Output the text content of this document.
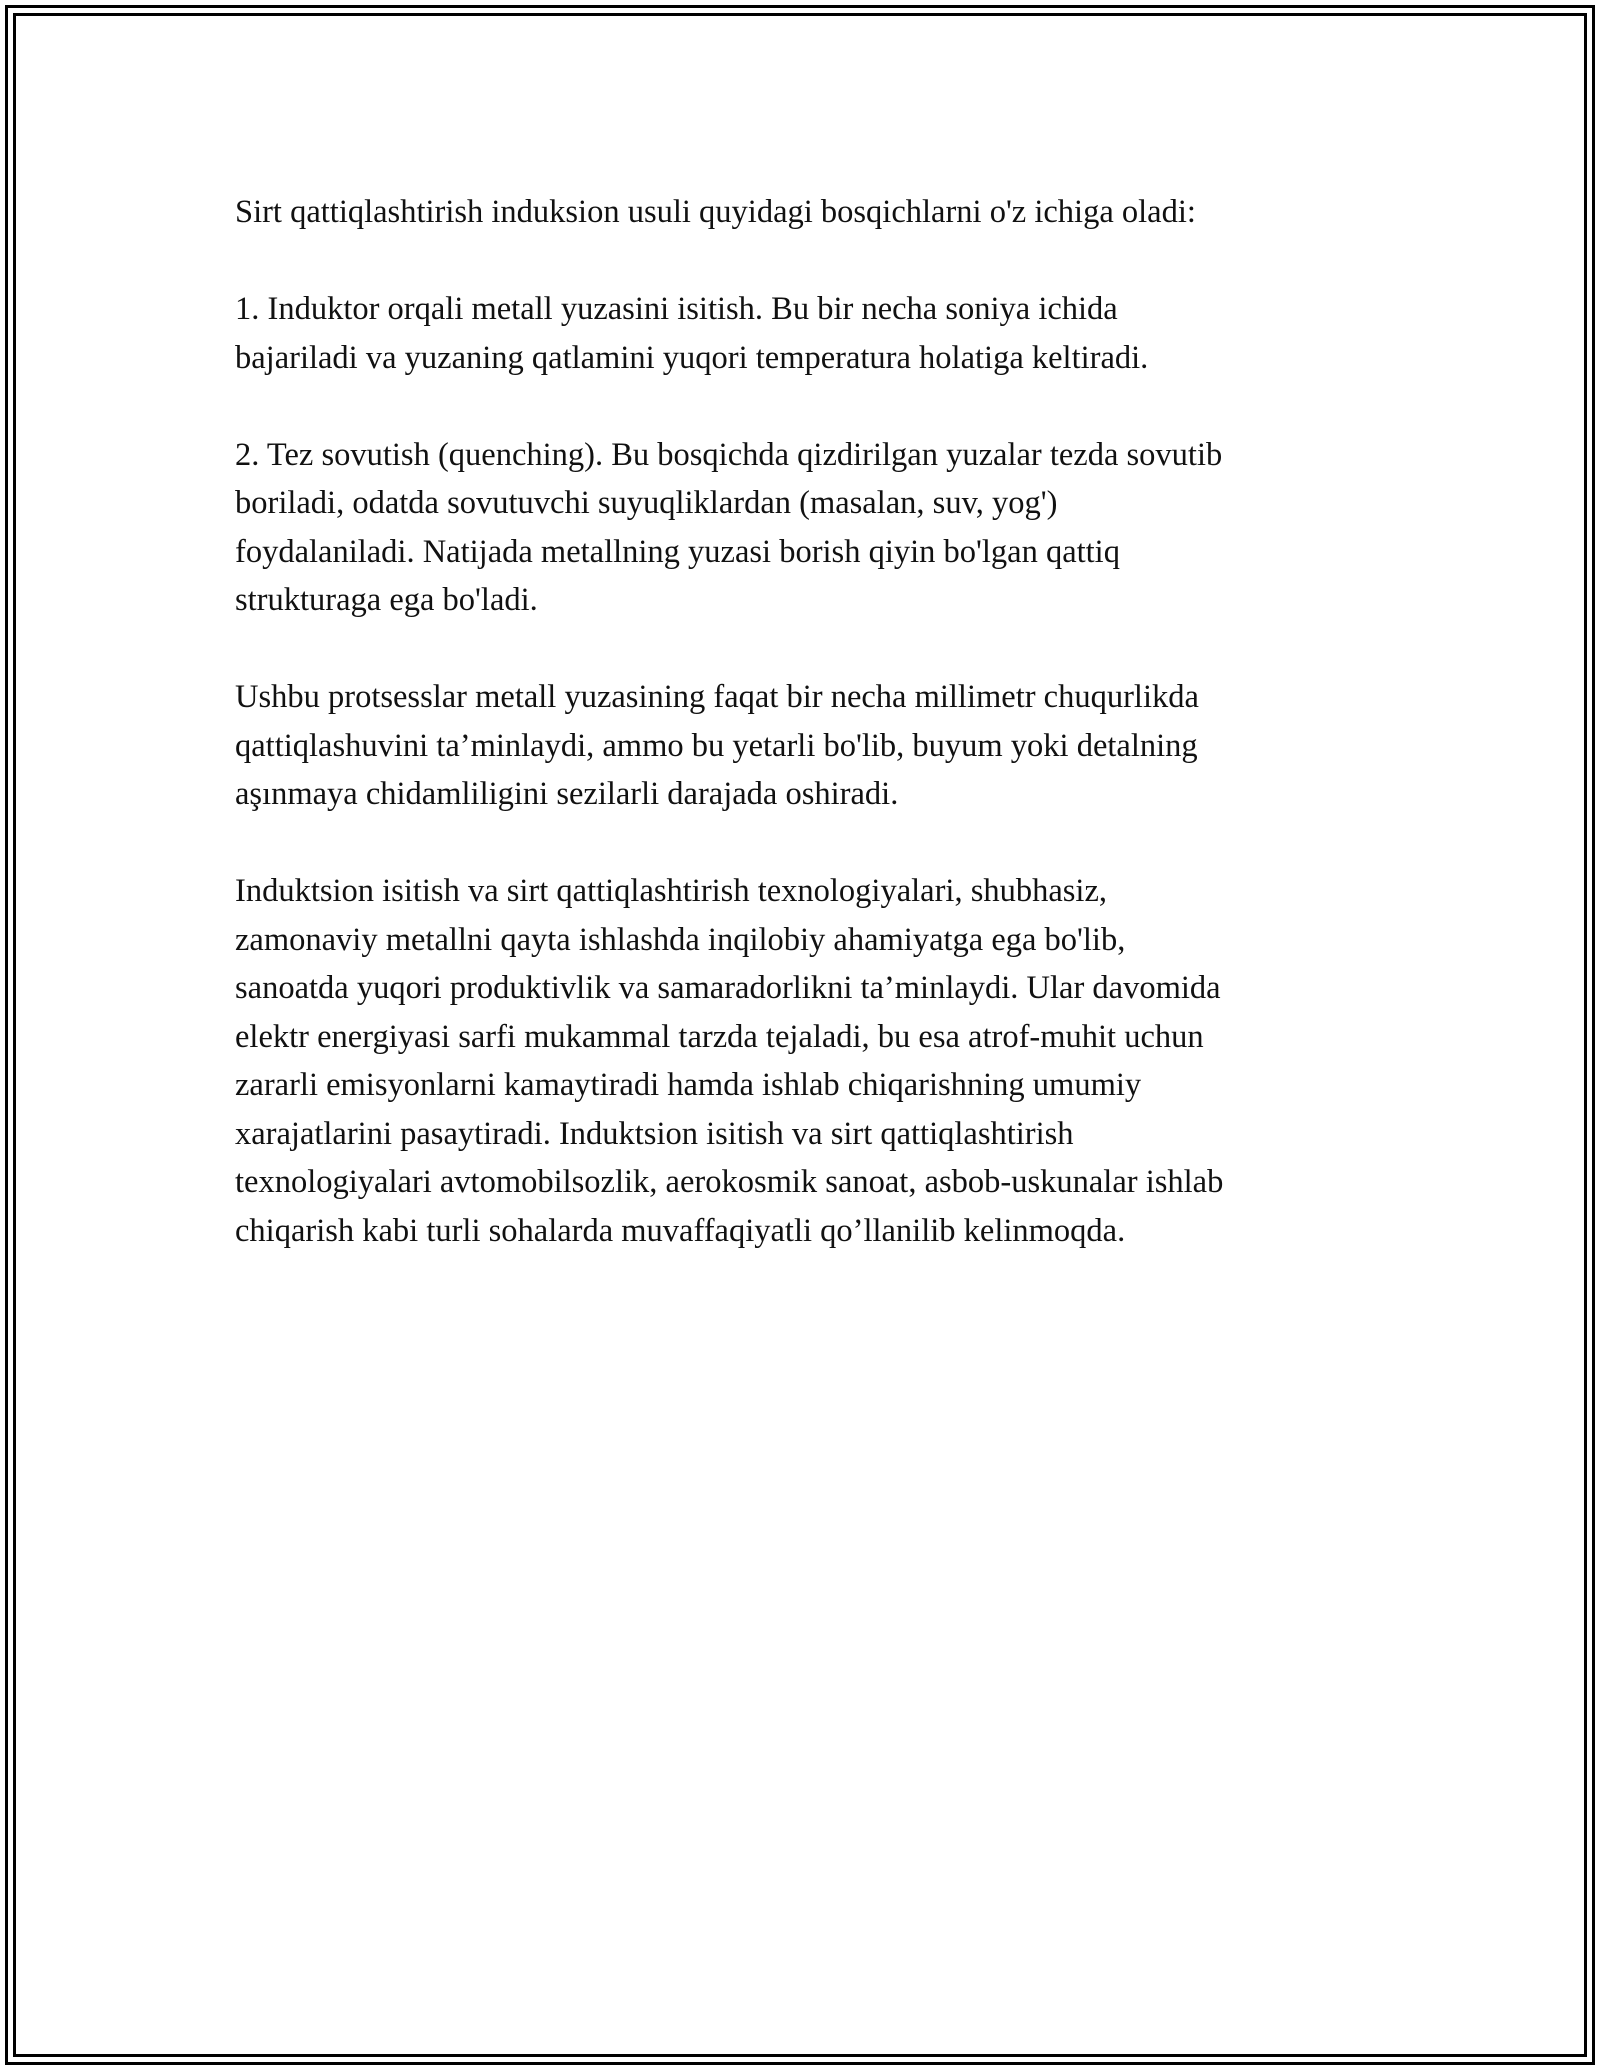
Sirt qattiqlashtirish induksion usuli quyidagi bosqichlarni o'z ichiga oladi:

1. Induktor orqali metall yuzasini isitish. Bu bir necha soniya ichida
bajariladi va yuzaning qatlamini yuqori temperatura holatiga keltiradi.

2. Tez sovutish (quenching). Bu bosqichda qizdirilgan yuzalar tezda sovutib
boriladi, odatda sovutuvchi suyuqliklardan (masalan, suv, yog')
foydalaniladi. Natijada metallning yuzasi borish qiyin bo'lgan qattiq
strukturaga ega bo'ladi.

Ushbu protsesslar metall yuzasining faqat bir necha millimetr chuqurlikda
qattiqlashuvini ta’minlaydi, ammo bu yetarli bo'lib, buyum yoki detalning
aşınmaya chidamliligini sezilarli darajada oshiradi.

Induktsion isitish va sirt qattiqlashtirish texnologiyalari, shubhasiz,
zamonaviy metallni qayta ishlashda inqilobiy ahamiyatga ega bo'lib,
sanoatda yuqori produktivlik va samaradorlikni ta’minlaydi. Ular davomida
elektr energiyasi sarfi mukammal tarzda tejaladi, bu esa atrof-muhit uchun
zararli emisyonlarni kamaytiradi hamda ishlab chiqarishning umumiy
xarajatlarini pasaytiradi. Induktsion isitish va sirt qattiqlashtirish
texnologiyalari avtomobilsozlik, aerokosmik sanoat, asbob-uskunalar ishlab
chiqarish kabi turli sohalarda muvaffaqiyatli qo’llanilib kelinmoqda.
